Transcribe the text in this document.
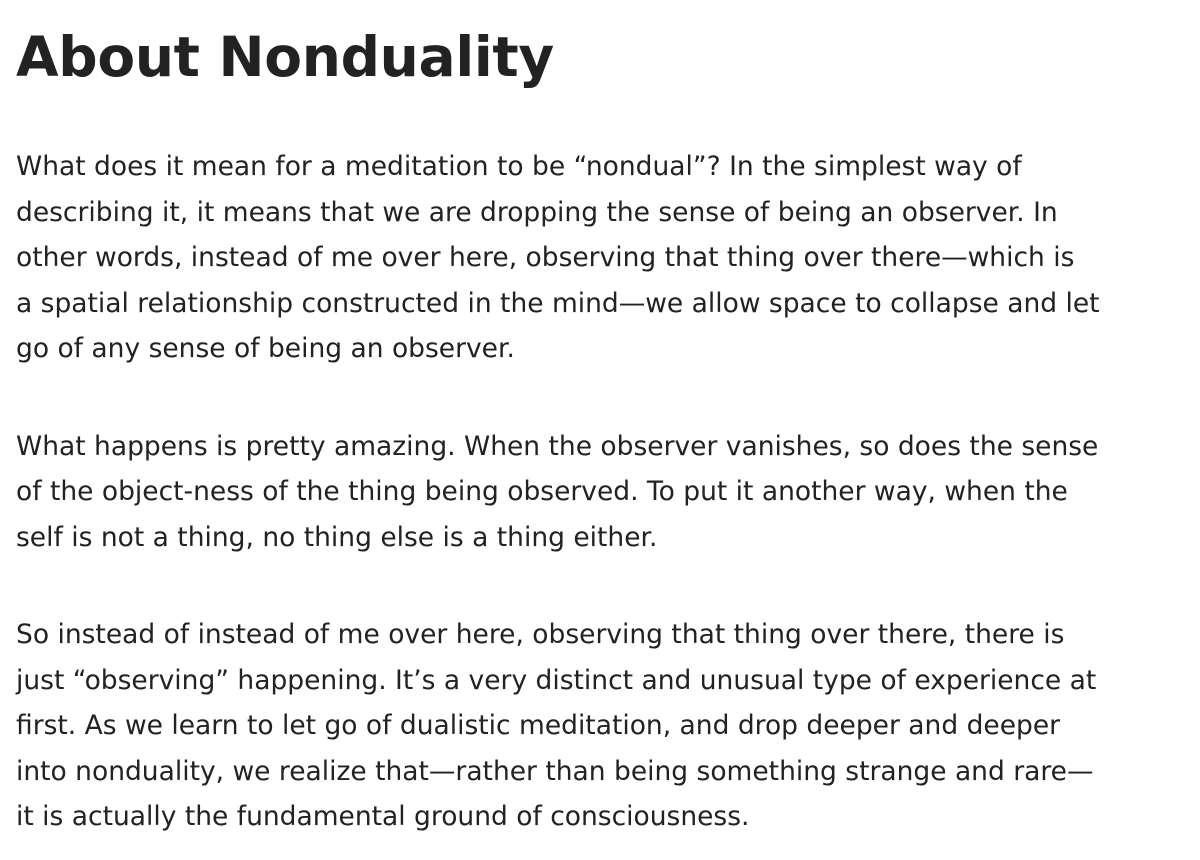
About Nonduality

What does it mean for a meditation to be “nondual”? In the simplest way of
describing it, it means that we are dropping the sense of being an observer. In
other words, instead of me over here, observing that thing over there—which is
a spatial relationship constructed in the mind—we allow space to collapse and let
go of any sense of being an observer.

What happens is pretty amazing. When the observer vanishes, so does the sense
of the object-ness of the thing being observed. To put it another way, when the
self is not a thing, no thing else is a thing either.

So instead of instead of me over here, observing that thing over there, there is
just “observing” happening. It’s a very distinct and unusual type of experience at
first. As we learn to let go of dualistic meditation, and drop deeper and deeper
into nonduality, we realize that—rather than being something strange and rare—
it is actually the fundamental ground of consciousness.
